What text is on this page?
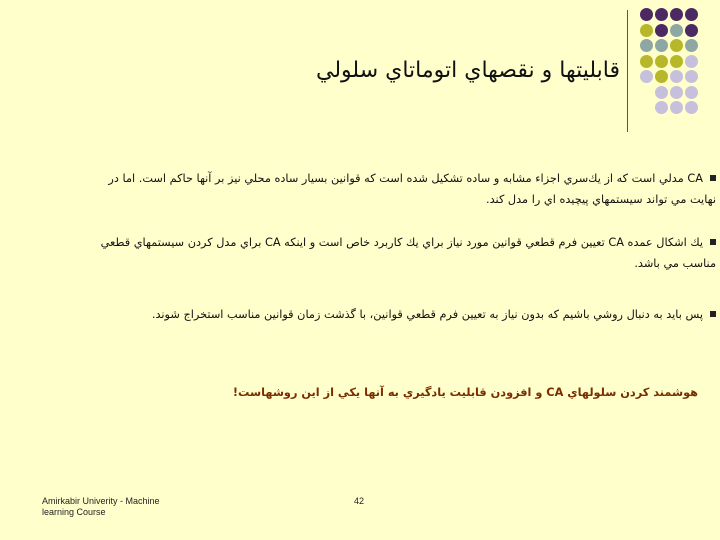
قابليتها و نقصهاي اتوماتاي سلولي
CA مدلي است كه از يك‌سري اجزاء مشابه و ساده تشكيل شده است كه قوانين بسيار ساده محلي نيز بر آنها حاكم است. اما در
نهايت مي تواند سيستمهاي پيچيده اي را مدل كند.
يك اشكال عمده CA تعيين فرم قطعي قوانين مورد نياز براي يك كاربرد خاص است و اينكه CA براي مدل كردن سيستمهاي قطعي
مناسب مي باشد.
پس بايد به دنبال روشي باشيم كه بدون نياز به تعيين فرم قطعي قوانين، با گذشت زمان قوانين مناسب استخراج شوند.
هوشمند كردن سلولهاي CA و افزودن قابليت يادگيري به آنها يكي از اين روشهاست!
Amirkabir Univerity - Machine
learning Course
42
